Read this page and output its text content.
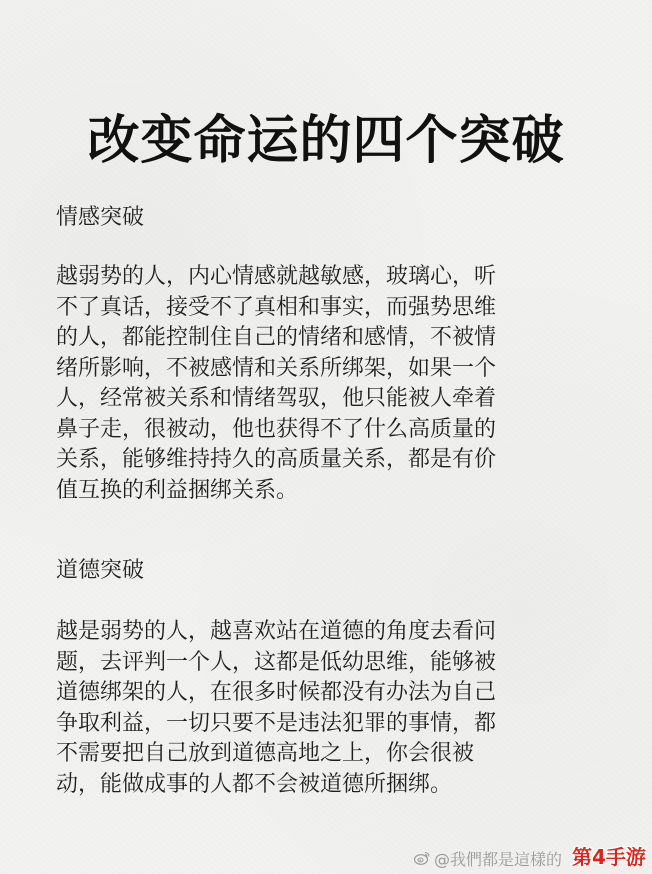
改变命运的四个突破
情感突破

越弱势的人，内心情感就越敏感，玻璃心，听
不了真话，接受不了真相和事实，而强势思维
的人，都能控制住自己的情绪和感情，不被情
绪所影响，不被感情和关系所绑架，如果一个
人，经常被关系和情绪驾驭，他只能被人牵着
鼻子走，很被动，他也获得不了什么高质量的
关系，能够维持持久的高质量关系，都是有价
值互换的利益捆绑关系。

道德突破

越是弱势的人，越喜欢站在道德的角度去看问
题，去评判一个人，这都是低幼思维，能够被
道德绑架的人，在很多时候都没有办法为自己
争取利益，一切只要不是违法犯罪的事情，都
不需要把自己放到道德高地之上，你会很被
动，能做成事的人都不会被道德所捆绑。

@我們都是這樣的 第4手游
